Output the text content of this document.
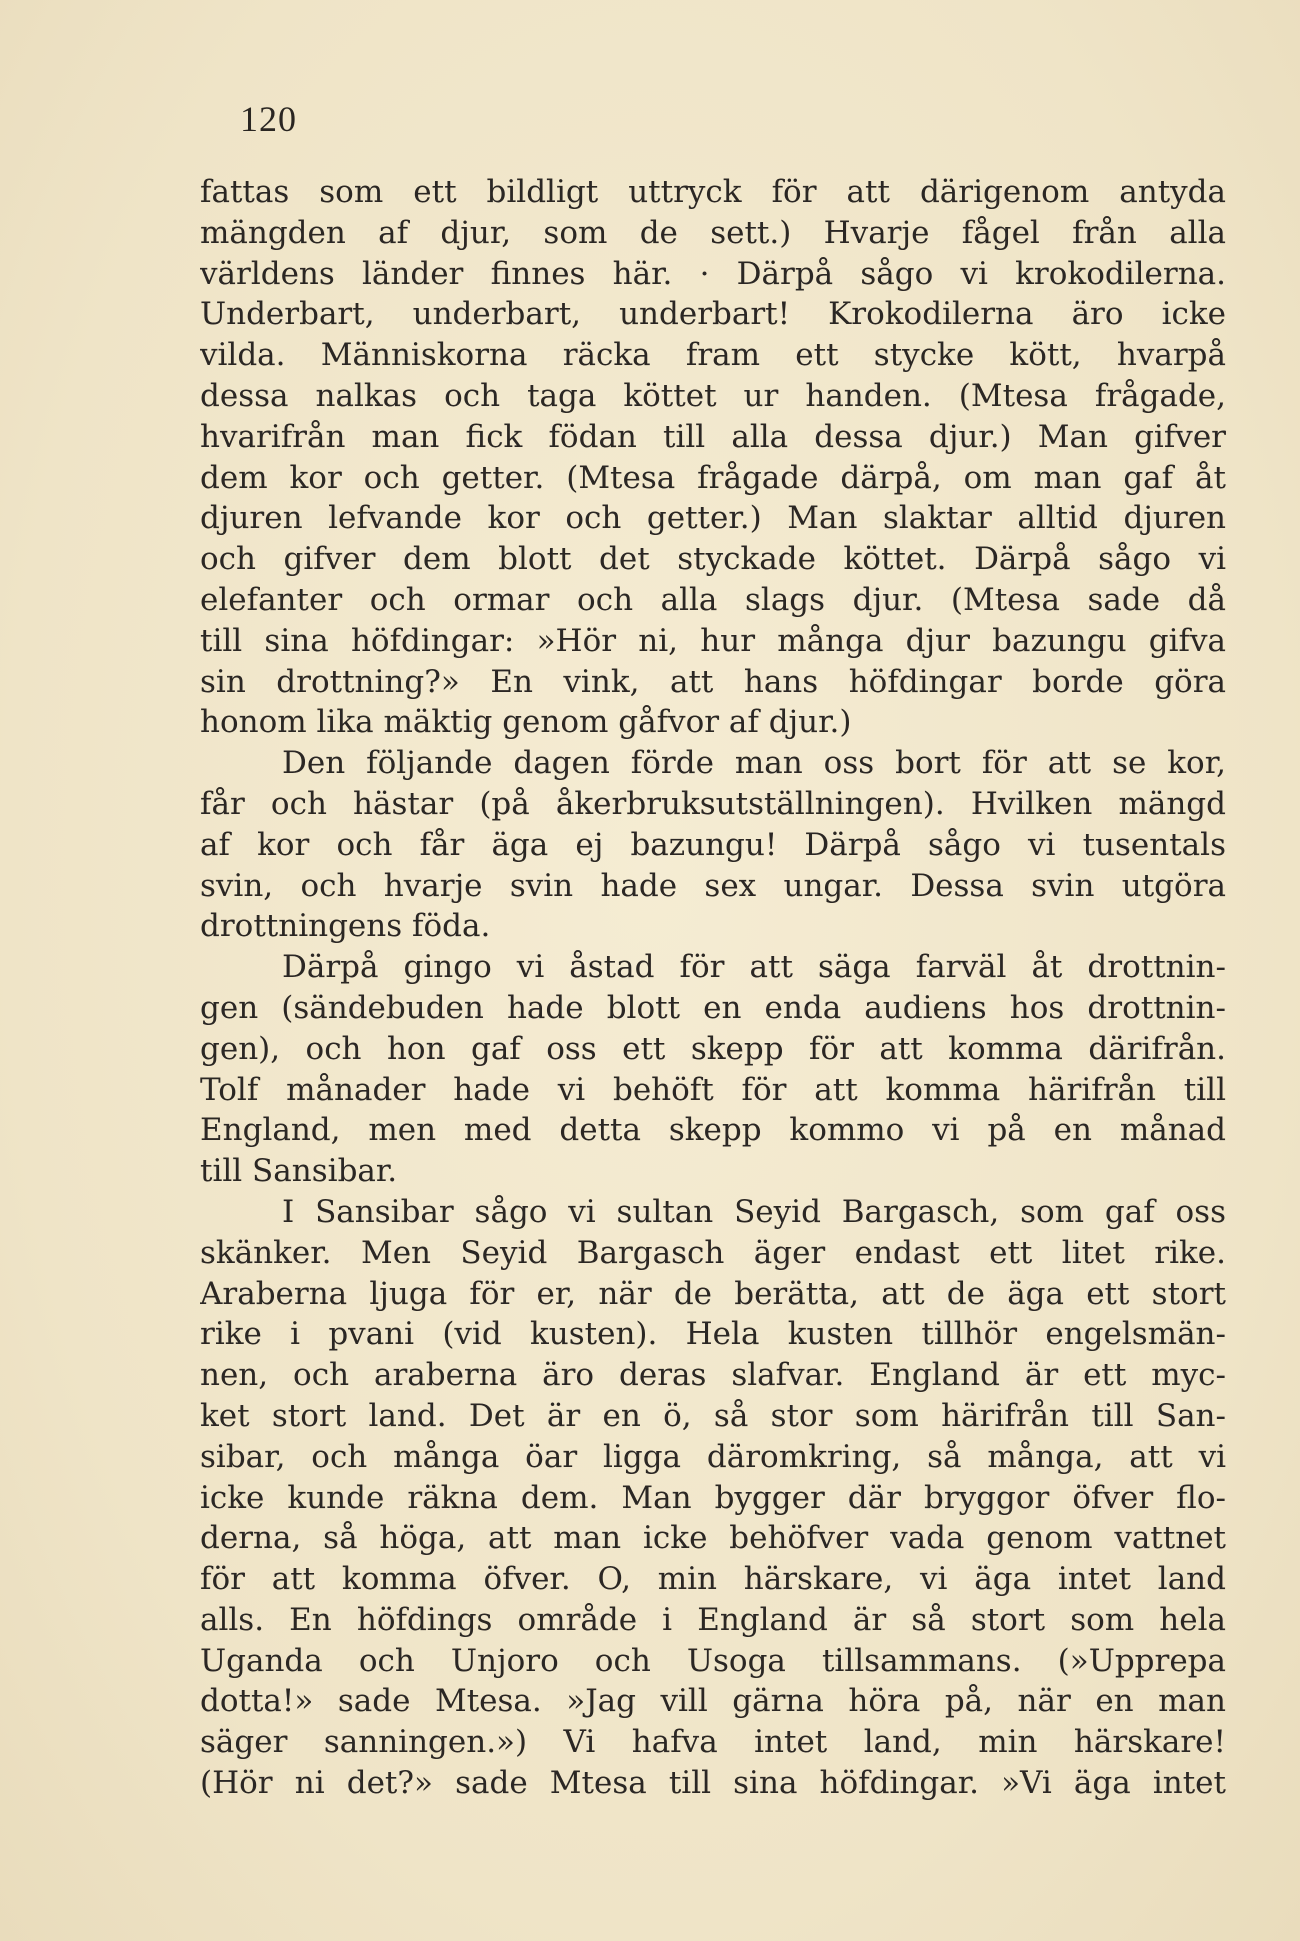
120
fattas som ett bildligt uttryck för att därigenom antyda
mängden af djur, som de sett.) Hvarje fågel från alla
världens länder finnes här. · Därpå sågo vi krokodilerna.
Underbart, underbart, underbart! Krokodilerna äro icke
vilda. Människorna räcka fram ett stycke kött, hvarpå
dessa nalkas och taga köttet ur handen. (Mtesa frågade,
hvarifrån man fick födan till alla dessa djur.) Man gifver
dem kor och getter. (Mtesa frågade därpå, om man gaf åt
djuren lefvande kor och getter.) Man slaktar alltid djuren
och gifver dem blott det styckade köttet. Därpå sågo vi
elefanter och ormar och alla slags djur. (Mtesa sade då
till sina höfdingar: »Hör ni, hur många djur bazungu gifva
sin drottning?» En vink, att hans höfdingar borde göra
honom lika mäktig genom gåfvor af djur.)
Den följande dagen förde man oss bort för att se kor,
får och hästar (på åkerbruksutställningen). Hvilken mängd
af kor och får äga ej bazungu! Därpå sågo vi tusentals
svin, och hvarje svin hade sex ungar. Dessa svin utgöra
drottningens föda.
Därpå gingo vi åstad för att säga farväl åt drottnin-
gen (sändebuden hade blott en enda audiens hos drottnin-
gen), och hon gaf oss ett skepp för att komma därifrån.
Tolf månader hade vi behöft för att komma härifrån till
England, men med detta skepp kommo vi på en månad
till Sansibar.
I Sansibar sågo vi sultan Seyid Bargasch, som gaf oss
skänker. Men Seyid Bargasch äger endast ett litet rike.
Araberna ljuga för er, när de berätta, att de äga ett stort
rike i pvani (vid kusten). Hela kusten tillhör engelsmän-
nen, och araberna äro deras slafvar. England är ett myc-
ket stort land. Det är en ö, så stor som härifrån till San-
sibar, och många öar ligga däromkring, så många, att vi
icke kunde räkna dem. Man bygger där bryggor öfver flo-
derna, så höga, att man icke behöfver vada genom vattnet
för att komma öfver. O, min härskare, vi äga intet land
alls. En höfdings område i England är så stort som hela
Uganda och Unjoro och Usoga tillsammans. (»Upprepa
dotta!» sade Mtesa. »Jag vill gärna höra på, när en man
säger sanningen.») Vi hafva intet land, min härskare!
(Hör ni det?» sade Mtesa till sina höfdingar. »Vi äga intet
